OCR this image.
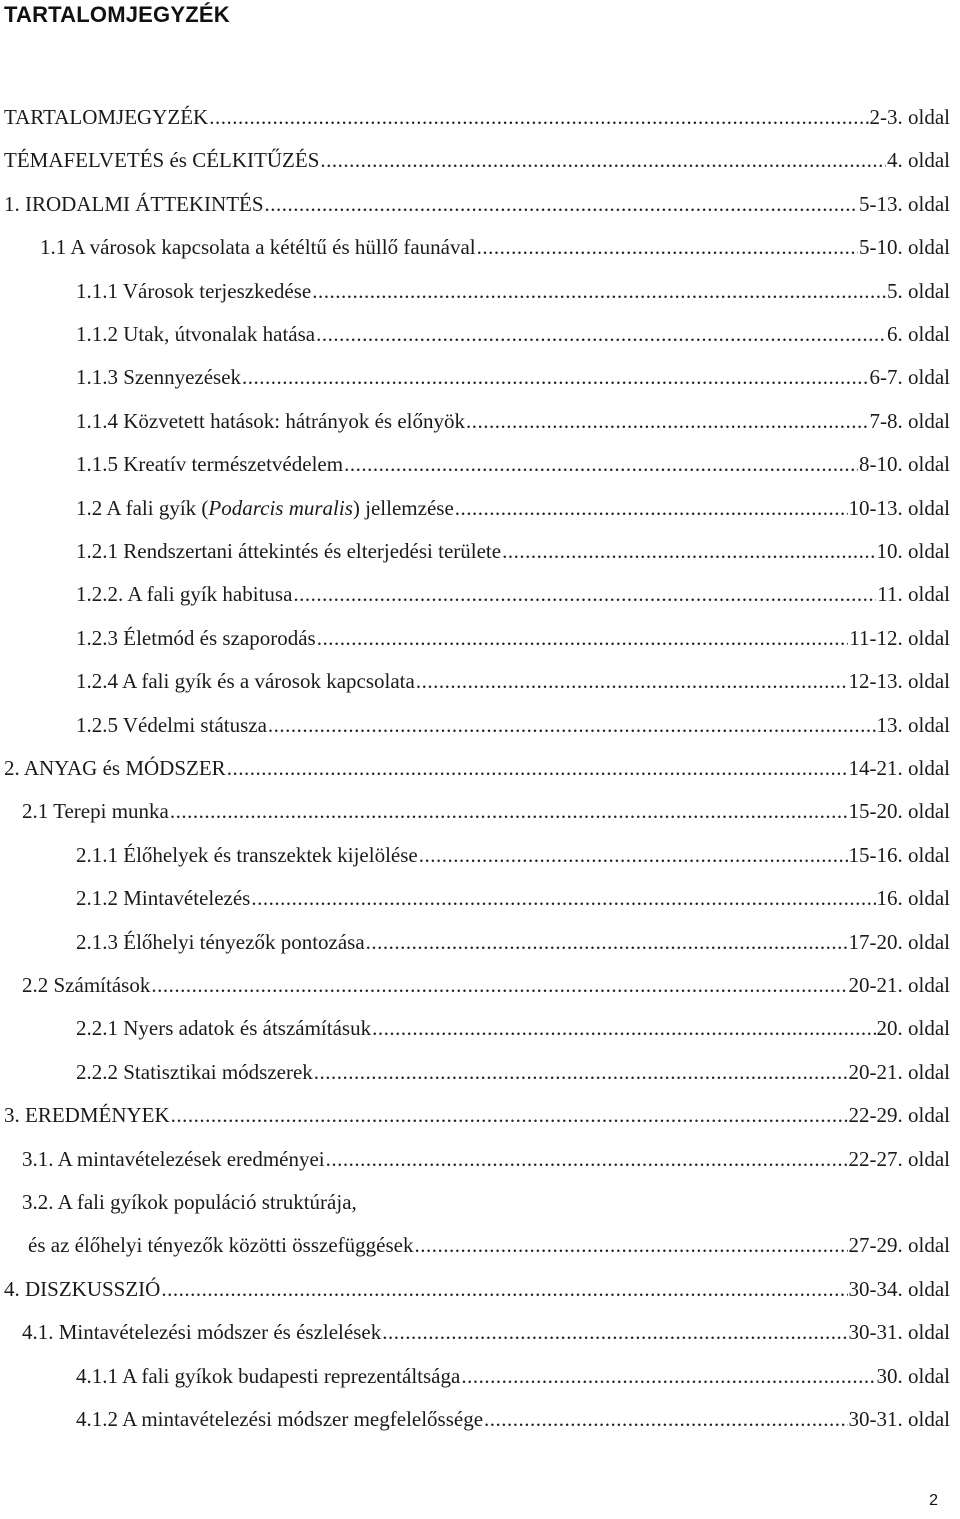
TARTALOMJEGYZÉK
TARTALOMJEGYZÉK .....	2-3. oldal
TÉMAFELVETÉS és CÉLKITŰZÉS .....	4. oldal
1. IRODALMI ÁTTEKINTÉS .....	5-13. oldal
1.1 A városok kapcsolata a kétéltű és hüllő faunával .....	5-10. oldal
1.1.1 Városok terjeszkedése .....	5. oldal
1.1.2 Utak, útvonalak hatása .....	6. oldal
1.1.3 Szennyezések .....	6-7. oldal
1.1.4 Közvetett hatások: hátrányok és előnyök .....	7-8. oldal
1.1.5 Kreatív természetvédelem .....	8-10. oldal
1.2 A fali gyík (Podarcis muralis) jellemzése .....	10-13. oldal
1.2.1 Rendszertani áttekintés és elterjedési területe .....	10. oldal
1.2.2. A fali gyík habitusa .....	11. oldal
1.2.3 Életmód és szaporodás .....	11-12. oldal
1.2.4 A fali gyík és a városok kapcsolata .....	12-13. oldal
1.2.5 Védelmi státusza .....	13. oldal
2. ANYAG és MÓDSZER .....	14-21. oldal
2.1 Terepi munka .....	15-20. oldal
2.1.1 Élőhelyek és transzektek kijelölése .....	15-16. oldal
2.1.2 Mintavételezés .....	16. oldal
2.1.3 Élőhelyi tényezők pontozása .....	17-20. oldal
2.2 Számítások .....	20-21. oldal
2.2.1 Nyers adatok és átszámításuk .....	20. oldal
2.2.2 Statisztikai módszerek .....	20-21. oldal
3. EREDMÉNYEK .....	22-29. oldal
3.1. A mintavételezések eredményei .....	22-27. oldal
3.2. A fali gyíkok populáció struktúrája,
és az élőhelyi tényezők közötti összefüggések .....	27-29. oldal
4. DISZKUSSZIÓ .....	30-34. oldal
4.1. Mintavételezési módszer és észlelések .....	30-31. oldal
4.1.1 A fali gyíkok budapesti reprezentáltsága .....	30. oldal
4.1.2 A mintavételezési módszer megfelelőssége .....	30-31. oldal
2
